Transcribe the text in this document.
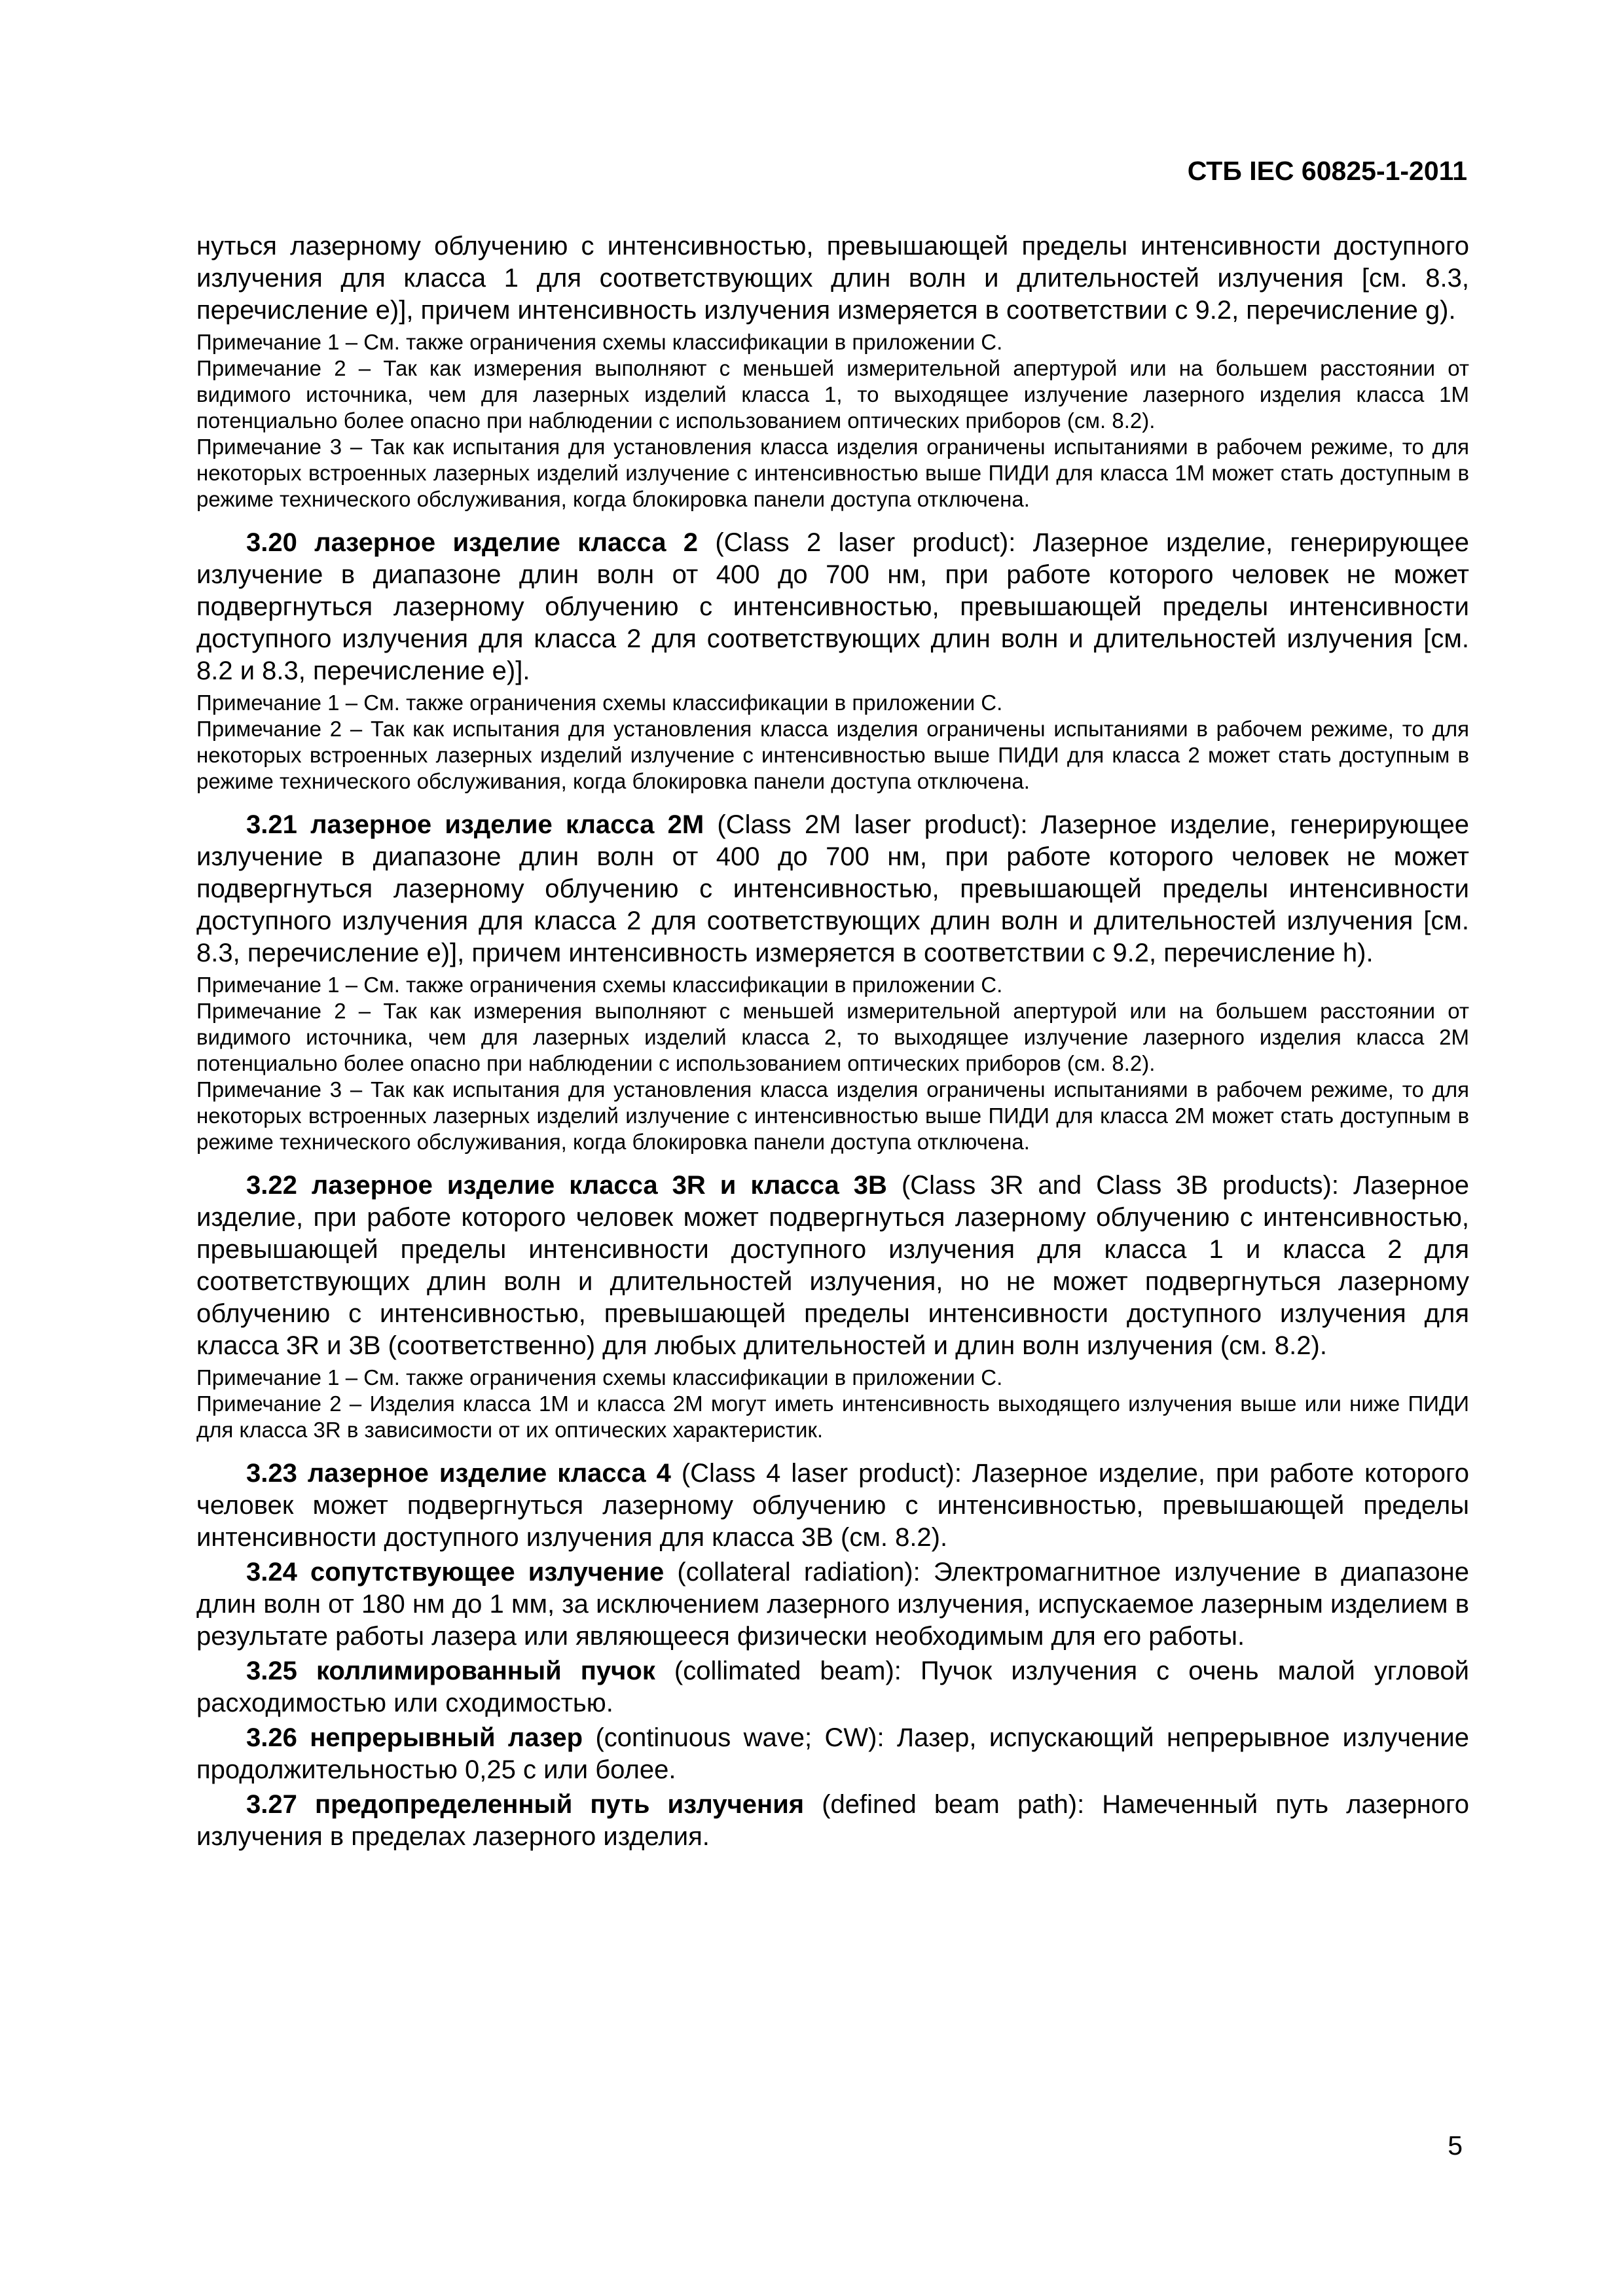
СТБ IEC 60825-1-2011

нуться лазерному облучению с интенсивностью, превышающей пределы интенсивности доступного излучения для класса 1 для соответствующих длин волн и длительностей излучения [см. 8.3, перечисление е)], причем интенсивность излучения измеряется в соответствии с 9.2, перечисление g).

Примечание 1 – См. также ограничения схемы классификации в приложении С.

Примечание 2 – Так как измерения выполняют с меньшей измерительной апертурой или на большем расстоянии от видимого источника, чем для лазерных изделий класса 1, то выходящее излучение лазерного изделия класса 1М потенциально более опасно при наблюдении с использованием оптических приборов (см. 8.2).

Примечание 3 – Так как испытания для установления класса изделия ограничены испытаниями в рабочем режиме, то для некоторых встроенных лазерных изделий излучение с интенсивностью выше ПИДИ для класса 1М может стать доступным в режиме технического обслуживания, когда блокировка панели доступа отключена.

3.20 лазерное изделие класса 2 (Class 2 laser product): Лазерное изделие, генерирующее излучение в диапазоне длин волн от 400 до 700 нм, при работе которого человек не может подвергнуться лазерному облучению с интенсивностью, превышающей пределы интенсивности доступного излучения для класса 2 для соответствующих длин волн и длительностей излучения [см. 8.2 и 8.3, перечисление е)].

Примечание 1 – См. также ограничения схемы классификации в приложении С.

Примечание 2 – Так как испытания для установления класса изделия ограничены испытаниями в рабочем режиме, то для некоторых встроенных лазерных изделий излучение с интенсивностью выше ПИДИ для класса 2 может стать доступным в режиме технического обслуживания, когда блокировка панели доступа отключена.

3.21 лазерное изделие класса 2М (Class 2M laser product): Лазерное изделие, генерирующее излучение в диапазоне длин волн от 400 до 700 нм, при работе которого человек не может подвергнуться лазерному облучению с интенсивностью, превышающей пределы интенсивности доступного излучения для класса 2 для соответствующих длин волн и длительностей излучения [см. 8.3, перечисление е)], причем интенсивность измеряется в соответствии с 9.2, перечисление h).

Примечание 1 – См. также ограничения схемы классификации в приложении С.

Примечание 2 – Так как измерения выполняют с меньшей измерительной апертурой или на большем расстоянии от видимого источника, чем для лазерных изделий класса 2, то выходящее излучение лазерного изделия класса 2М потенциально более опасно при наблюдении с использованием оптических приборов (см. 8.2).

Примечание 3 – Так как испытания для установления класса изделия ограничены испытаниями в рабочем режиме, то для некоторых встроенных лазерных изделий излучение с интенсивностью выше ПИДИ для класса 2М может стать доступным в режиме технического обслуживания, когда блокировка панели доступа отключена.

3.22 лазерное изделие класса 3R и класса 3В (Class 3R and Class 3B products): Лазерное изделие, при работе которого человек может подвергнуться лазерному облучению с интенсивностью, превышающей пределы интенсивности доступного излучения для класса 1 и класса 2 для соответствующих длин волн и длительностей излучения, но не может подвергнуться лазерному облучению с интенсивностью, превышающей пределы интенсивности доступного излучения для класса 3R и 3В (соответственно) для любых длительностей и длин волн излучения (см. 8.2).

Примечание 1 – См. также ограничения схемы классификации в приложении С.

Примечание 2 – Изделия класса 1М и класса 2М могут иметь интенсивность выходящего излучения выше или ниже ПИДИ для класса 3R в зависимости от их оптических характеристик.

3.23 лазерное изделие класса 4 (Class 4 laser product): Лазерное изделие, при работе которого человек может подвергнуться лазерному облучению с интенсивностью, превышающей пределы интенсивности доступного излучения для класса 3В (см. 8.2).

3.24 сопутствующее излучение (collateral radiation): Электромагнитное излучение в диапазоне длин волн от 180 нм до 1 мм, за исключением лазерного излучения, испускаемое лазерным изделием в результате работы лазера или являющееся физически необходимым для его работы.

3.25 коллимированный пучок (collimated beam): Пучок излучения с очень малой угловой расходимостью или сходимостью.

3.26 непрерывный лазер (continuous wave; CW): Лазер, испускающий непрерывное излучение продолжительностью 0,25 с или более.

3.27 предопределенный путь излучения (defined beam path): Намеченный путь лазерного излучения в пределах лазерного изделия.

5
